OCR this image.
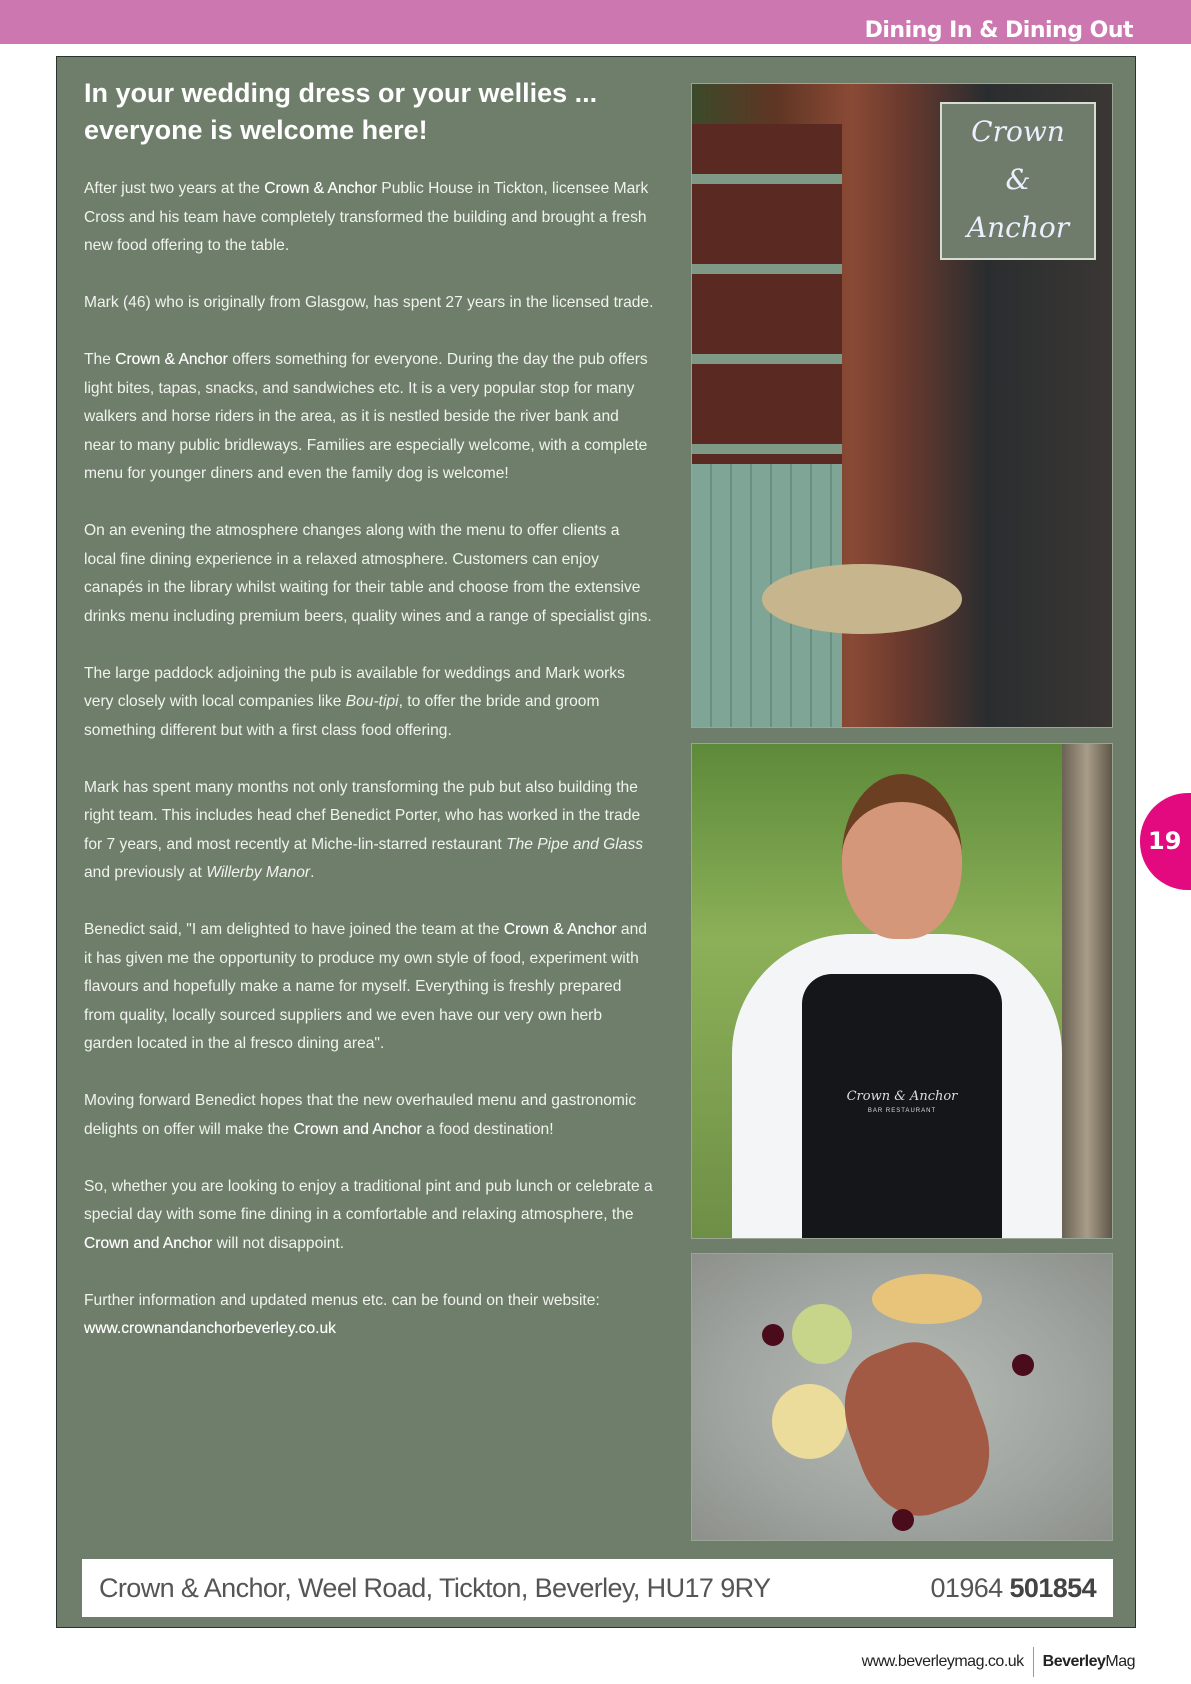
Dining In & Dining Out
In your wedding dress or your wellies ... everyone is welcome here!

After just two years at the Crown & Anchor Public House in Tickton, licensee Mark Cross and his team have completely transformed the building and brought a fresh new food offering to the table.

Mark (46) who is originally from Glasgow, has spent 27 years in the licensed trade.

The Crown & Anchor offers something for everyone. During the day the pub offers light bites, tapas, snacks, and sandwiches etc. It is a very popular stop for many walkers and horse riders in the area, as it is nestled beside the river bank and near to many public bridleways. Families are especially welcome, with a complete menu for younger diners and even the family dog is welcome!

On an evening the atmosphere changes along with the menu to offer clients a local fine dining experience in a relaxed atmosphere. Customers can enjoy canapés in the library whilst waiting for their table and choose from the extensive drinks menu including premium beers, quality wines and a range of specialist gins.

The large paddock adjoining the pub is available for weddings and Mark works very closely with local companies like Bou-tipi, to offer the bride and groom something different but with a first class food offering.

Mark has spent many months not only transforming the pub but also building the right team. This includes head chef Benedict Porter, who has worked in the trade for 7 years, and most recently at Miche-lin-starred restaurant The Pipe and Glass and previously at Willerby Manor.

Benedict said, "I am delighted to have joined the team at the Crown & Anchor and it has given me the opportunity to produce my own style of food, experiment with flavours and hopefully make a name for myself. Everything is freshly prepared from quality, locally sourced suppliers and we even have our very own herb garden located in the al fresco dining area".

Moving forward Benedict hopes that the new overhauled menu and gastronomic delights on offer will make the Crown and Anchor a food destination!

So, whether you are looking to enjoy a traditional pint and pub lunch or celebrate a special day with some fine dining in a comfortable and relaxing atmosphere, the Crown and Anchor will not disappoint.

Further information and updated menus etc. can be found on their website: www.crownandanchorbeverley.co.uk

Crown
&
Anchor
Crown & Anchor
BAR RESTAURANT
Crown & Anchor, Weel Road, Tickton, Beverley, HU17 9RY	01964 501854
19
www.beverleymag.co.uk BeverleyMag
